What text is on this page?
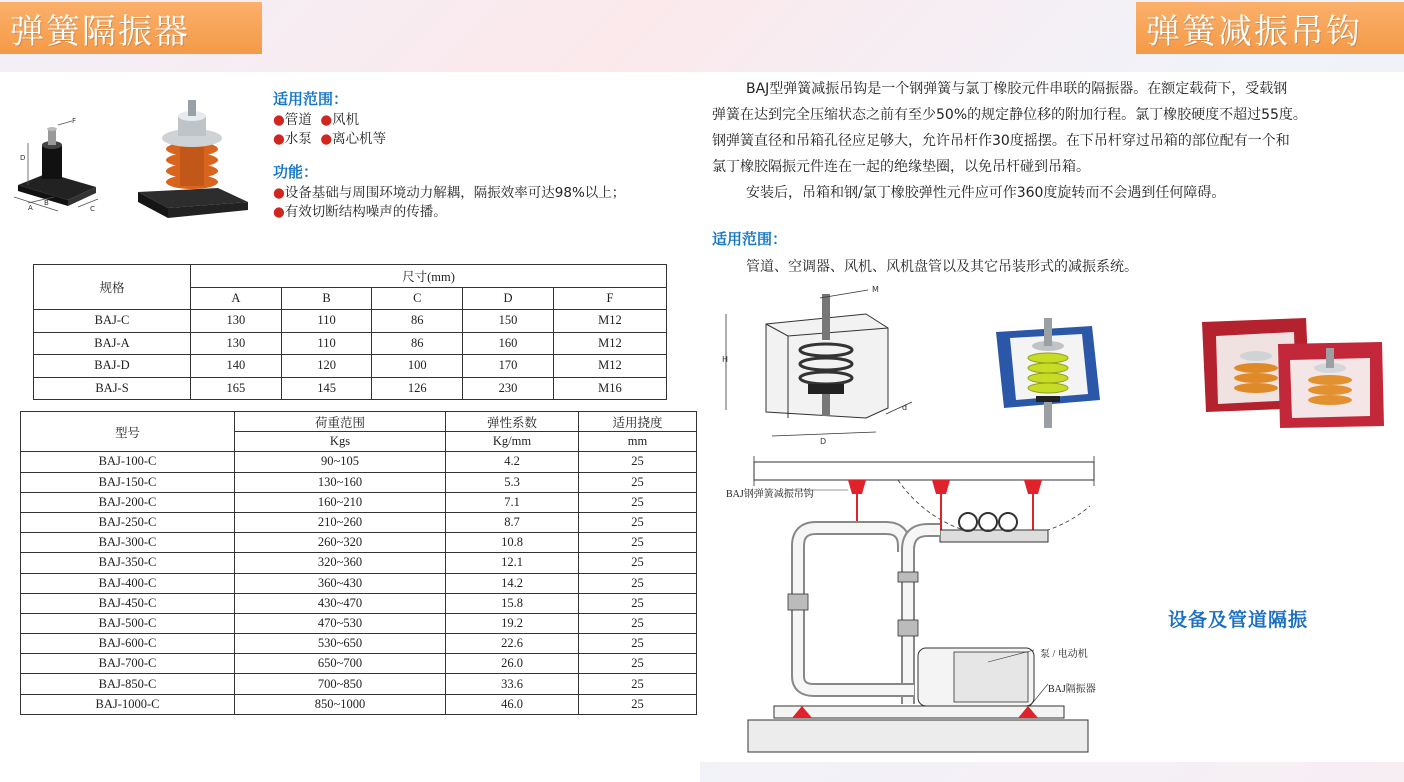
弹簧隔振器	弹簧减振吊钩
D
F
A
B
C
适用范围：
●管道 ●风机
●水泵 ●离心机等
功能：
●设备基础与周围环境动力解耦，隔振效率可达98%以上；
●有效切断结构噪声的传播。
规格	尺寸(mm)				
	A	B	C	D	F
BAJ-C	130	110	86	150	M12
BAJ-A	130	110	86	160	M12
BAJ-D	140	120	100	170	M12
BAJ-S	165	145	126	230	M16
型号	荷重范围	弹性系数	适用挠度
	Kgs	Kg/mm	mm
BAJ-100-C	90~105	4.2	25
BAJ-150-C	130~160	5.3	25
BAJ-200-C	160~210	7.1	25
BAJ-250-C	210~260	8.7	25
BAJ-300-C	260~320	10.8	25
BAJ-350-C	320~360	12.1	25
BAJ-400-C	360~430	14.2	25
BAJ-450-C	430~470	15.8	25
BAJ-500-C	470~530	19.2	25
BAJ-600-C	530~650	22.6	25
BAJ-700-C	650~700	26.0	25
BAJ-850-C	700~850	33.6	25
BAJ-1000-C	850~1000	46.0	25
BAJ型弹簧减振吊钩是一个钢弹簧与氯丁橡胶元件串联的隔振器。在额定载荷下，受载钢
弹簧在达到完全压缩状态之前有至少50%的规定静位移的附加行程。氯丁橡胶硬度不超过55度。
钢弹簧直径和吊箱孔径应足够大，允许吊杆作30度摇摆。在下吊杆穿过吊箱的部位配有一个和
氯丁橡胶隔振元件连在一起的绝缘垫圈，以免吊杆碰到吊箱。
安装后，吊箱和钢/氯丁橡胶弹性元件应可作360度旋转而不会遇到任何障碍。
适用范围：
管道、空调器、风机、风机盘管以及其它吊装形式的减振系统。
M
H
d
D
BAJ钢弹簧减振吊钩
泵 / 电动机
BAJ隔振器
设备及管道隔振
